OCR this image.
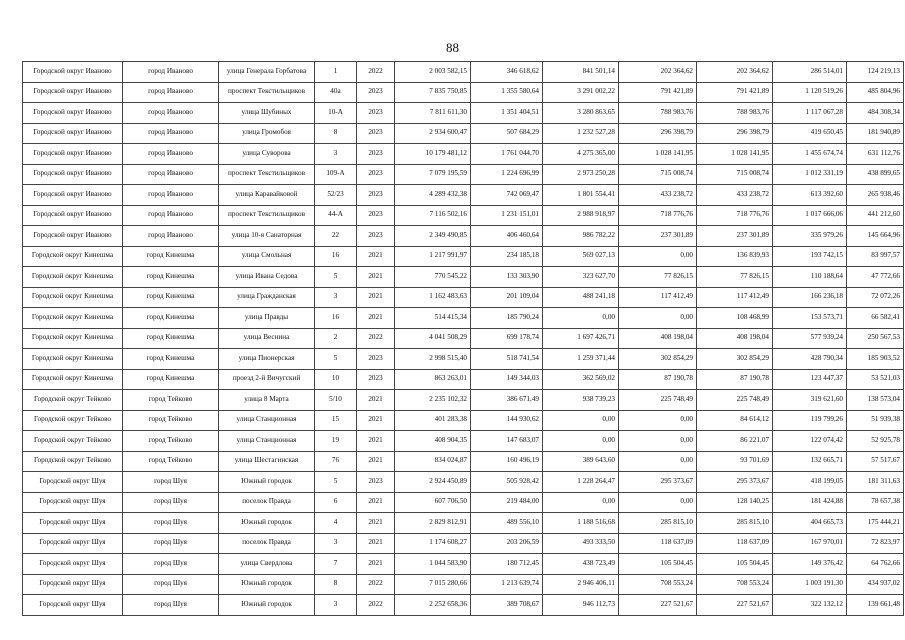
88
Городской округ Иваново	город Иваново	улица Генерала Горбатова	1	2022	2 003 582,15	346 618,62	841 501,14	202 364,62	202 364,62	286 514,01	124 219,13
Городской округ Иваново	город Иваново	проспект Текстильщиков	40а	2023	7 835 750,85	1 355 580,64	3 291 002,22	791 421,89	791 421,89	1 120 519,26	485 804,96
Городской округ Иваново	город Иваново	улица Шубиных	10-А	2023	7 811 611,30	1 351 404,51	3 280 863,65	788 983,76	788 983,76	1 117 067,28	484 308,34
Городской округ Иваново	город Иваново	улица Громобоя	8	2023	2 934 600,47	507 684,29	1 232 527,28	296 398,79	296 398,79	419 650,45	181 940,89
Городской округ Иваново	город Иваново	улица Суворова	3	2023	10 179 481,12	1 761 044,70	4 275 365,00	1 028 141,95	1 028 141,95	1 455 674,74	631 112,76
Городской округ Иваново	город Иваново	проспект Текстильщиков	109-А	2023	7 079 195,59	1 224 696,99	2 973 250,28	715 008,74	715 008,74	1 012 331,19	438 899,65
Городской округ Иваново	город Иваново	улица Каравайковой	52/23	2023	4 289 432,38	742 069,47	1 801 554,41	433 238,72	433 238,72	613 392,60	265 938,46
Городской округ Иваново	город Иваново	проспект Текстильщиков	44-А	2023	7 116 502,16	1 231 151,01	2 988 918,97	718 776,76	718 776,76	1 017 666,06	441 212,60
Городской округ Иваново	город Иваново	улица 10-я Санаторная	22	2023	2 349 490,85	406 460,64	986 782,22	237 301,89	237 301,89	335 979,26	145 664,96
Городской округ Кинешма	город Кинешма	улица Смольная	16	2021	1 217 991,97	234 185,18	569 027,13	0,00	136 839,93	193 742,15	83 997,57
Городской округ Кинешма	город Кинешма	улица Ивана Седова	5	2021	770 545,22	133 303,90	323 627,70	77 826,15	77 826,15	110 188,64	47 772,66
Городской округ Кинешма	город Кинешма	улица Гражданская	3	2021	1 162 483,63	201 109,04	488 241,18	117 412,49	117 412,49	166 236,18	72 072,26
Городской округ Кинешма	город Кинешма	улица Правды	16	2021	514 415,34	185 790,24	0,00	0,00	108 468,99	153 573,71	66 582,41
Городской округ Кинешма	город Кинешма	улица Веснина	2	2022	4 041 508,29	699 178,74	1 697 426,71	408 198,04	408 198,04	577 939,24	250 567,53
Городской округ Кинешма	город Кинешма	улица Пионерская	5	2023	2 998 515,40	518 741,54	1 259 371,44	302 854,29	302 854,29	428 790,34	185 903,52
Городской округ Кинешма	город Кинешма	проезд 2-й Вичугский	10	2023	863 263,01	149 344,03	362 569,02	87 190,78	87 190,78	123 447,37	53 521,03
Городской округ Тейково	город Тейково	улица 8 Марта	5/10	2021	2 235 102,32	386 671,49	938 739,23	225 748,49	225 748,49	319 621,60	138 573,04
Городской округ Тейково	город Тейково	улица Станционная	15	2021	401 283,38	144 930,62	0,00	0,00	84 614,12	119 799,26	51 939,38
Городской округ Тейково	город Тейково	улица Станционная	19	2021	408 904,35	147 683,07	0,00	0,00	86 221,07	122 074,42	52 925,78
Городской округ Тейково	город Тейково	улица Шестагинская	76	2021	834 024,87	160 496,19	389 643,60	0,00	93 701,69	132 665,71	57 517,67
Городской округ Шуя	город Шуя	Южный городок	5	2023	2 924 450,89	505 928,42	1 228 264,47	295 373,67	295 373,67	418 199,05	181 311,63
Городской округ Шуя	город Шуя	поселок Правда	6	2021	607 706,50	219 484,00	0,00	0,00	128 140,25	181 424,88	78 657,38
Городской округ Шуя	город Шуя	Южный городок	4	2021	2 829 812,91	489 556,10	1 188 516,68	285 815,10	285 815,10	404 665,73	175 444,21
Городской округ Шуя	город Шуя	поселок Правда	3	2021	1 174 608,27	203 206,59	493 333,50	118 637,09	118 637,09	167 970,01	72 823,97
Городской округ Шуя	город Шуя	улица Свердлова	7	2021	1 044 583,90	180 712,45	438 723,49	105 504,45	105 504,45	149 376,42	64 762,66
Городской округ Шуя	город Шуя	Южный городок	8	2022	7 015 280,66	1 213 639,74	2 946 406,11	708 553,24	708 553,24	1 003 191,30	434 937,02
Городской округ Шуя	город Шуя	Южный городок	3	2022	2 252 658,36	389 708,67	946 112,73	227 521,67	227 521,67	322 132,12	139 661,48
